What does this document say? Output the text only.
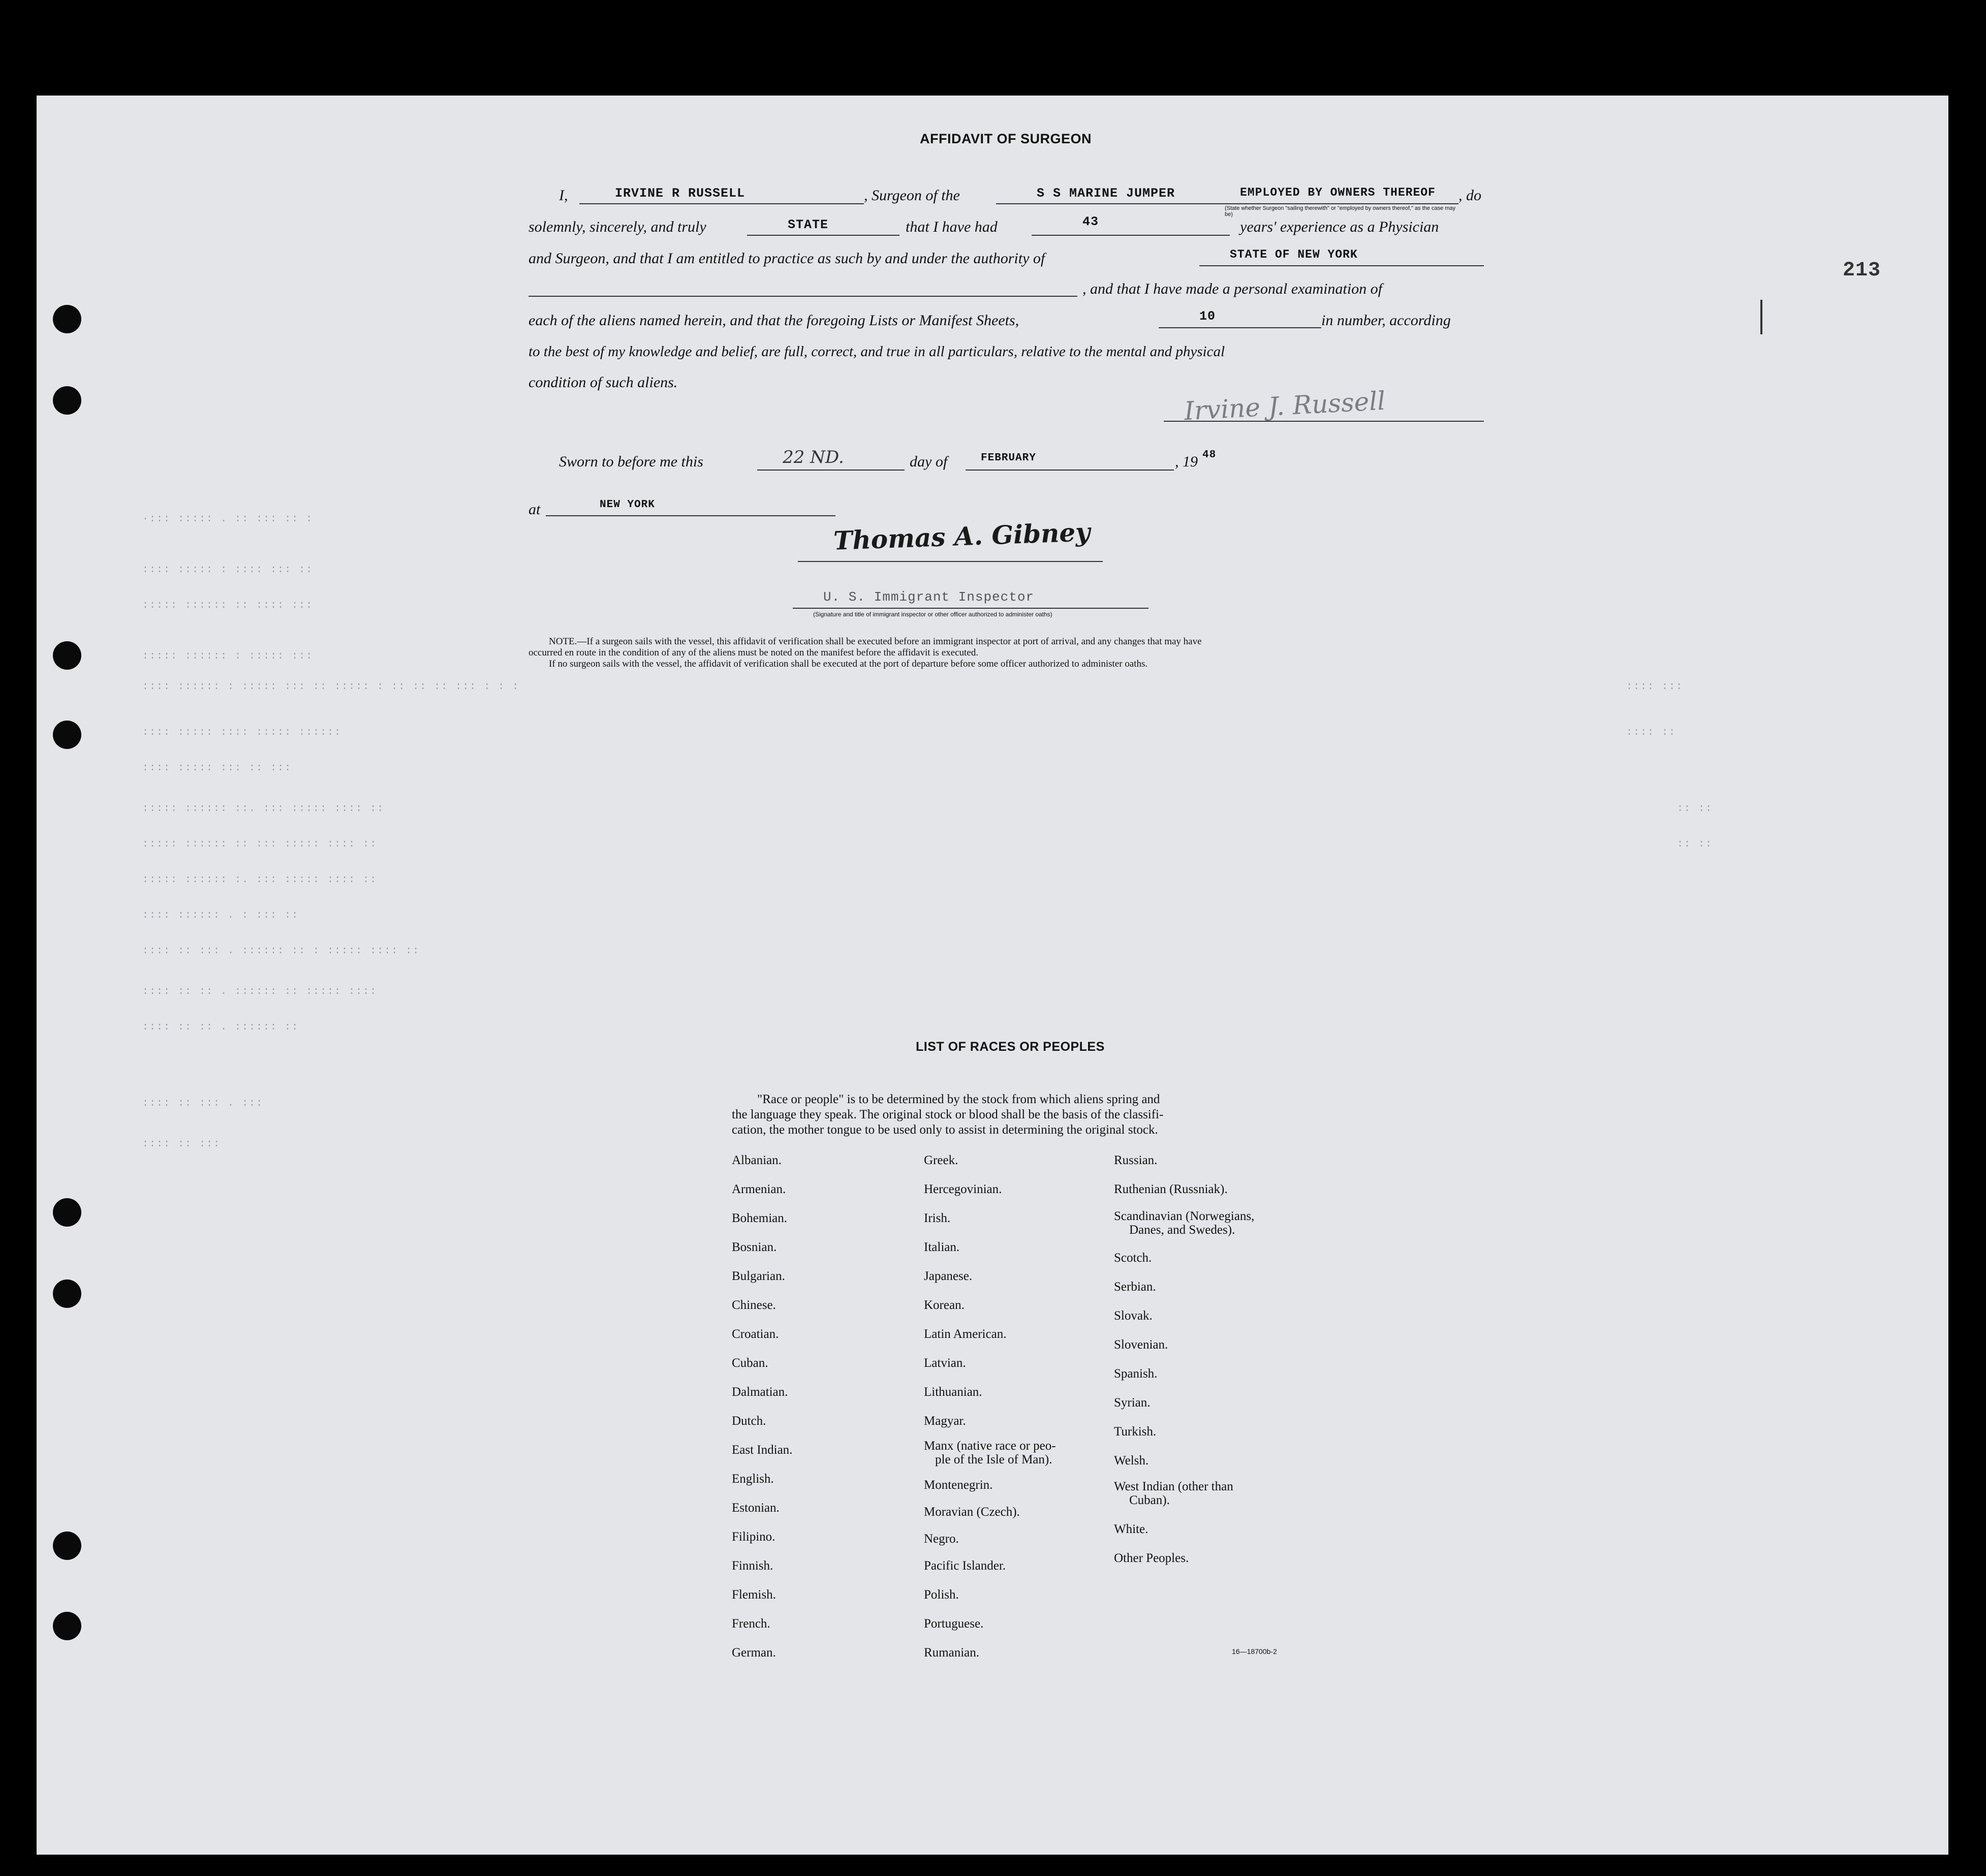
213
·::: ::::: . :: ::: :: :
:::: ::::: : :::: ::: ::
::::: :::::: :: :::: :::
::::: :::::: : ::::: :::
:::: :::::: : ::::: ::: :: ::::: : :: :: :: ::: : : :
:::: ::::: :::: ::::: ::::::
:::: ::::: ::: :: :::
::::: :::::: ::. ::: ::::: :::: ::
::::: :::::: :: ::: ::::: :::: ::
::::: :::::: :. ::: ::::: :::: ::
:::: :::::: . : ::: ::
:::: :: ::: . :::::: :: : ::::: :::: ::
:::: :: :: . :::::: :: ::::: ::::
:::: :: :: . :::::: ::
:::: :: ::: . :::
:::: :: :::
:::: :::
:::: ::
:: ::
:: ::
AFFIDAVIT OF SURGEON
I,	IRVINE R RUSSELL	, Surgeon of the	S S MARINE JUMPER	EMPLOYED BY OWNERS THEREOF , do
(State whether Surgeon "sailing therewith" or "employed by owners thereof," as the case may be)
solemnly, sincerely, and truly	STATE	that I have had	43	years' experience as a Physician
and Surgeon, and that I am entitled to practice as such by and under the authority of	STATE OF NEW YORK
, and that I have made a personal examination of
each of the aliens named herein, and that the foregoing Lists or Manifest Sheets,	10	in number, according
to the best of my knowledge and belief, are full, correct, and true in all particulars, relative to the mental and physical
condition of such aliens.
Irvine J. Russell
Sworn to before me this	22 ND.	day of	FEBRUARY	, 19 48
at	NEW YORK
Thomas A. Gibney
U. S. Immigrant Inspector
(Signature and title of immigrant inspector or other officer authorized to administer oaths)
NOTE.—If a surgeon sails with the vessel, this affidavit of verification shall be executed before an immigrant inspector at port of arrival, and any changes that may have
occurred en route in the condition of any of the aliens must be noted on the manifest before the affidavit is executed.
If no surgeon sails with the vessel, the affidavit of verification shall be executed at the port of departure before some officer authorized to administer oaths.
LIST OF RACES OR PEOPLES
"Race or people" is to be determined by the stock from which aliens spring and
the language they speak. The original stock or blood shall be the basis of the classifi-
cation, the mother tongue to be used only to assist in determining the original stock.
Albanian.
Armenian.
Bohemian.
Bosnian.
Bulgarian.
Chinese.
Croatian.
Cuban.
Dalmatian.
Dutch.
East Indian.
English.
Estonian.
Filipino.
Finnish.
Flemish.
French.
German.
Greek.
Hercegovinian.
Irish.
Italian.
Japanese.
Korean.
Latin American.
Latvian.
Lithuanian.
Magyar.
Manx (native race or peo-
ple of the Isle of Man).
Montenegrin.
Moravian (Czech).
Negro.
Pacific Islander.
Polish.
Portuguese.
Rumanian.
Russian.
Ruthenian (Russniak).
Scandinavian (Norwegians,
Danes, and Swedes).
Scotch.
Serbian.
Slovak.
Slovenian.
Spanish.
Syrian.
Turkish.
Welsh.
West Indian (other than
Cuban).
White.
Other Peoples.
16—18700b-2
